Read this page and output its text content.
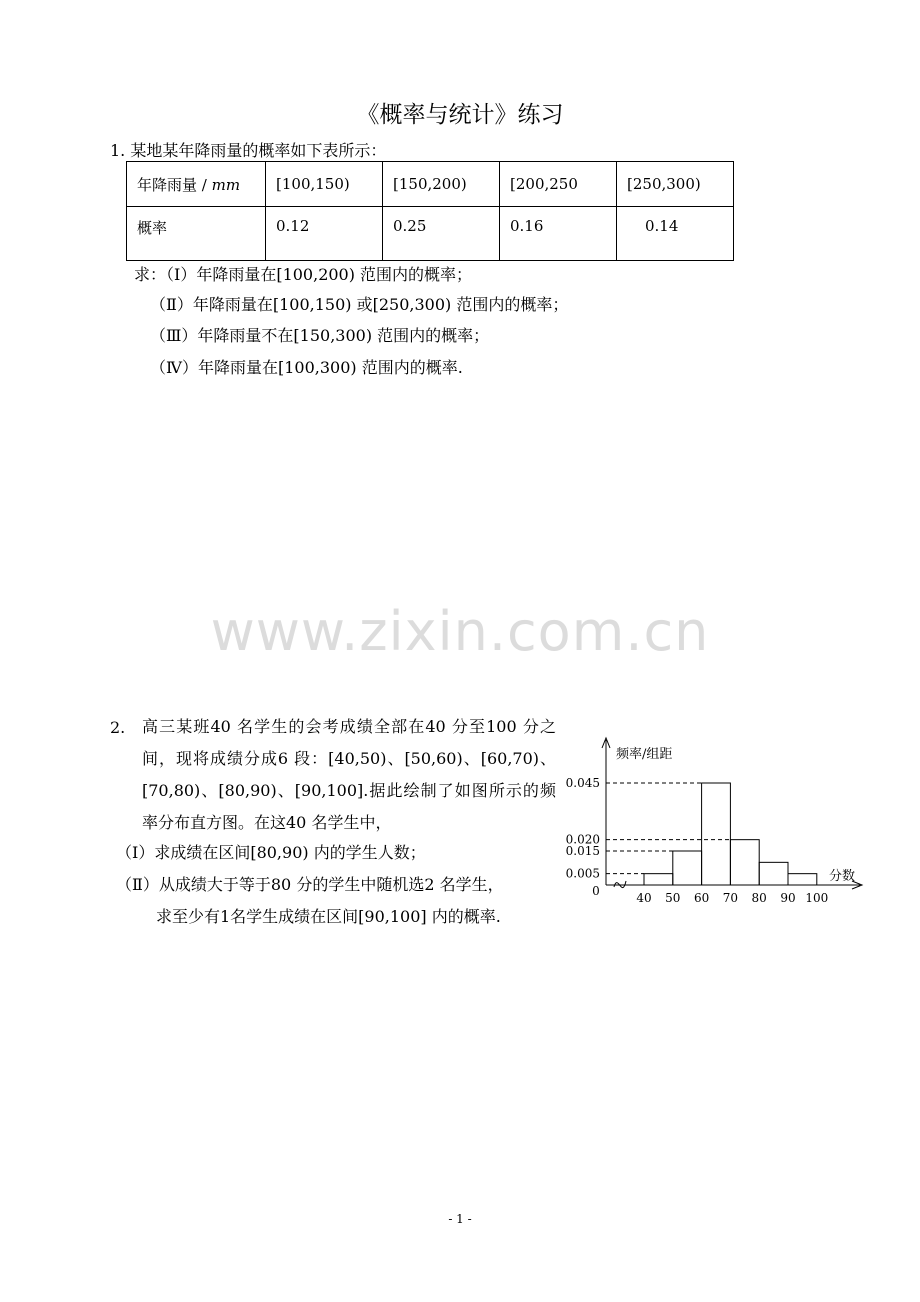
《概率与统计》练习
1. 某地某年降雨量的概率如下表所示：
年降雨量 / mm	[100,150)	[150,200)	[200,250	[250,300)
概率	0.12	0.25	0.16	0.14
求：（Ⅰ）年降雨量在[100,200) 范围内的概率；
（Ⅱ）年降雨量在[100,150) 或[250,300) 范围内的概率；
（Ⅲ）年降雨量不在[150,300) 范围内的概率；
（Ⅳ）年降雨量在[100,300) 范围内的概率.
www.zixin.com.cn
2. 高三某班40 名学生的会考成绩全部在40 分至100 分之间，现将成绩分成6 段：[40,50)、[50,60)、[60,70)、[70,80)、[80,90)、[90,100].据此绘制了如图所示的频率分布直方图。在这40 名学生中，
（Ⅰ）求成绩在区间[80,90) 内的学生人数；
（Ⅱ）从成绩大于等于80 分的学生中随机选2 名学生，
求至少有1名学生成绩在区间[90,100] 内的概率.
0.045
0.020
0.015
0.005
40 50 60 70 80 90 100
0
频率/组距
分数
- 1 -
